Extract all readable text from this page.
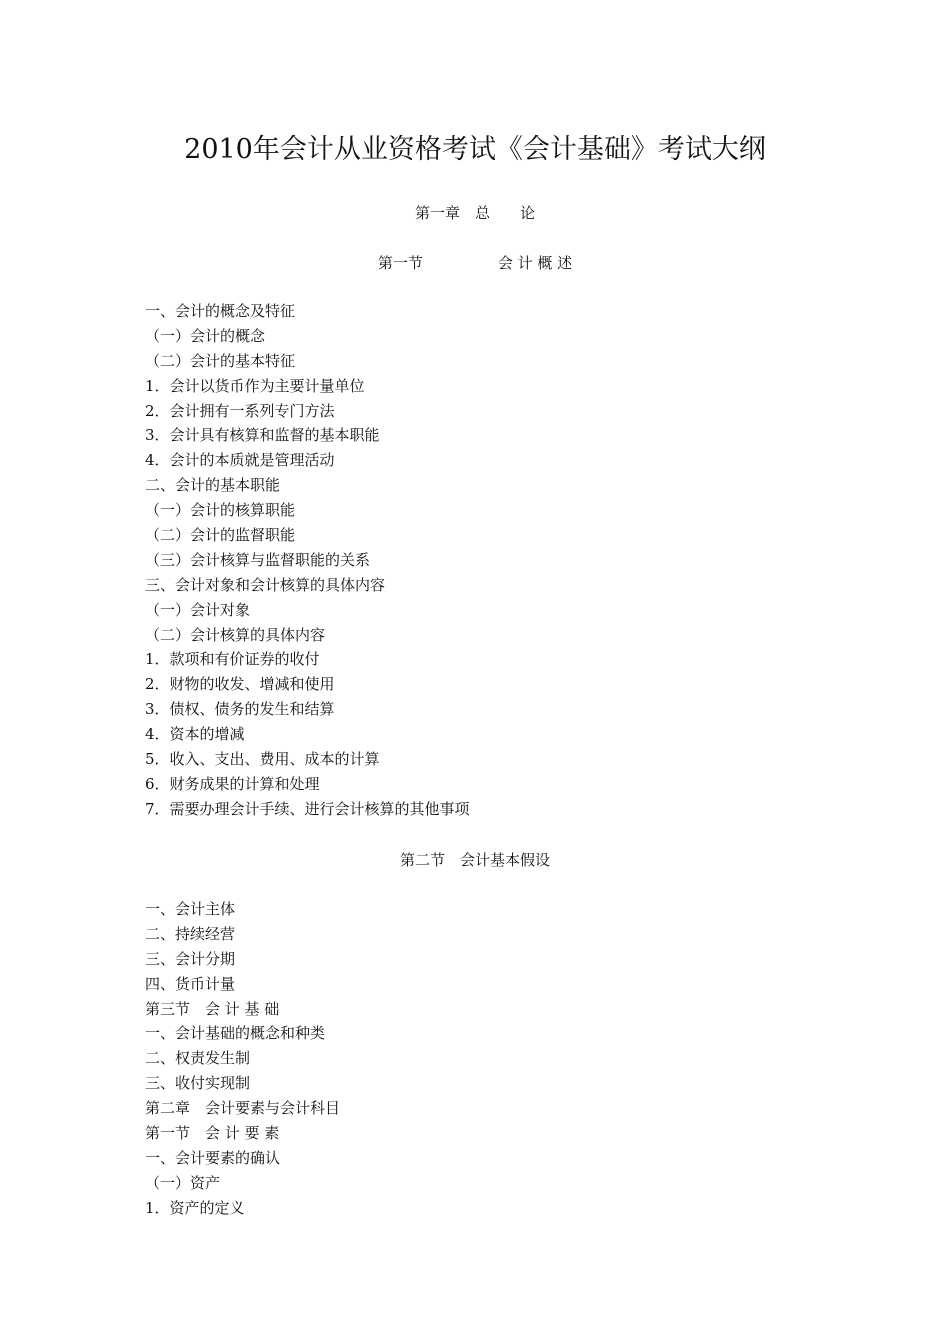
2010年会计从业资格考试《会计基础》考试大纲
第一章　总　　论
第一节　　　　　会 计 概 述
一、会计的概念及特征
（一）会计的概念
（二）会计的基本特征
1．会计以货币作为主要计量单位
2．会计拥有一系列专门方法
3．会计具有核算和监督的基本职能
4．会计的本质就是管理活动
二、会计的基本职能
（一）会计的核算职能
（二）会计的监督职能
（三）会计核算与监督职能的关系
三、会计对象和会计核算的具体内容
（一）会计对象
（二）会计核算的具体内容
1．款项和有价证券的收付
2．财物的收发、增减和使用
3．债权、债务的发生和结算
4．资本的增减
5．收入、支出、费用、成本的计算
6．财务成果的计算和处理
7．需要办理会计手续、进行会计核算的其他事项
第二节　会计基本假设
一、会计主体
二、持续经营
三、会计分期
四、货币计量
第三节　会 计 基 础
一、会计基础的概念和种类
二、权责发生制
三、收付实现制
第二章　会计要素与会计科目
第一节　会 计 要 素
一、会计要素的确认
（一）资产
1．资产的定义
